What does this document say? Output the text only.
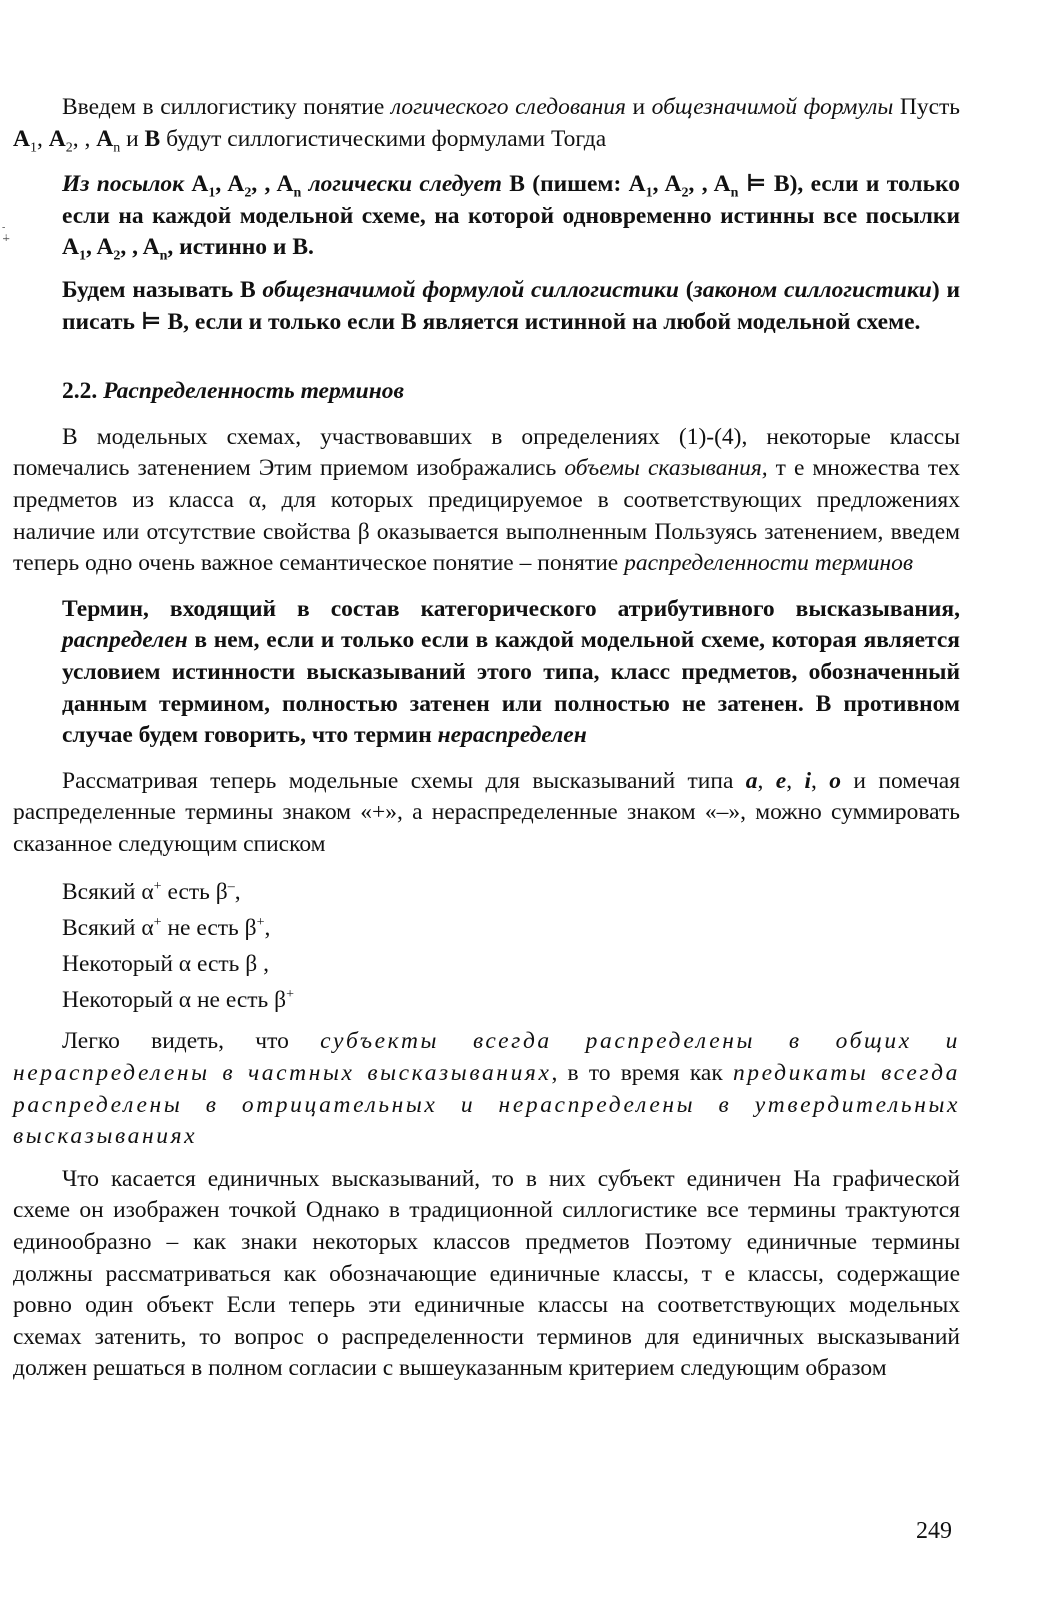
- ∔

Введем в силлогистику понятие логического следования и общезначимой формулы Пусть $A_1$, $A_2$, , $A_n$ и B будут силлогистическими формулами Тогда

Из посылок $A_1$, $A_2$, , $A_n$ логически следует B (пишем: $A_1$, $A_2$, , $A_n$ ⊨ B), если и только если на каждой модельной схеме, на которой одновременно истинны все посылки $A_1$, $A_2$, , $A_n$, истинно и B.

Будем называть B общезначимой формулой силлогистики (законом силлогистики) и писать ⊨ B, если и только если B является истинной на любой модельной схеме.

2.2. Распределенность терминов

В модельных схемах, участвовавших в определениях (1)-(4), некоторые классы помечались затенением Этим приемом изображались объемы сказывания, т е множества тех предметов из класса α, для которых предицируемое в соответствующих предложениях наличие или отсутствие свойства β оказывается выполненным Пользуясь затенением, введем теперь одно очень важное семантическое понятие – понятие распределенности терминов

Термин, входящий в состав категорического атрибутивного высказывания, распределен в нем, если и только если в каждой модельной схеме, которая является условием истинности высказываний этого типа, класс предметов, обозначенный данным термином, полностью затенен или полностью не затенен. В противном случае будем говорить, что термин нераспределен

Рассматривая теперь модельные схемы для высказываний типа a, e, i, o и помечая распределенные термины знаком «+», а нераспределенные знаком «–», можно суммировать сказанное следующим списком

Всякий α+ есть β–,
Всякий α+ не есть β+,
Некоторый α есть β ,
Некоторый α не есть β+

Легко видеть, что субъекты всегда распределены в общих и нераспределены в частных высказываниях, в то время как предикаты всегда распределены в отрицательных и нераспределены в утвердительных высказываниях

Что касается единичных высказываний, то в них субъект единичен На графической схеме он изображен точкой Однако в традиционной силлогистике все термины трактуются единообразно – как знаки некоторых классов предметов Поэтому единичные термины должны рассматриваться как обозначающие единичные классы, т е классы, содержащие ровно один объект Если теперь эти единичные классы на соответствующих модельных схемах затенить, то вопрос о распределенности терминов для единичных высказываний должен решаться в полном согласии с вышеуказанным критерием следующим образом

249
